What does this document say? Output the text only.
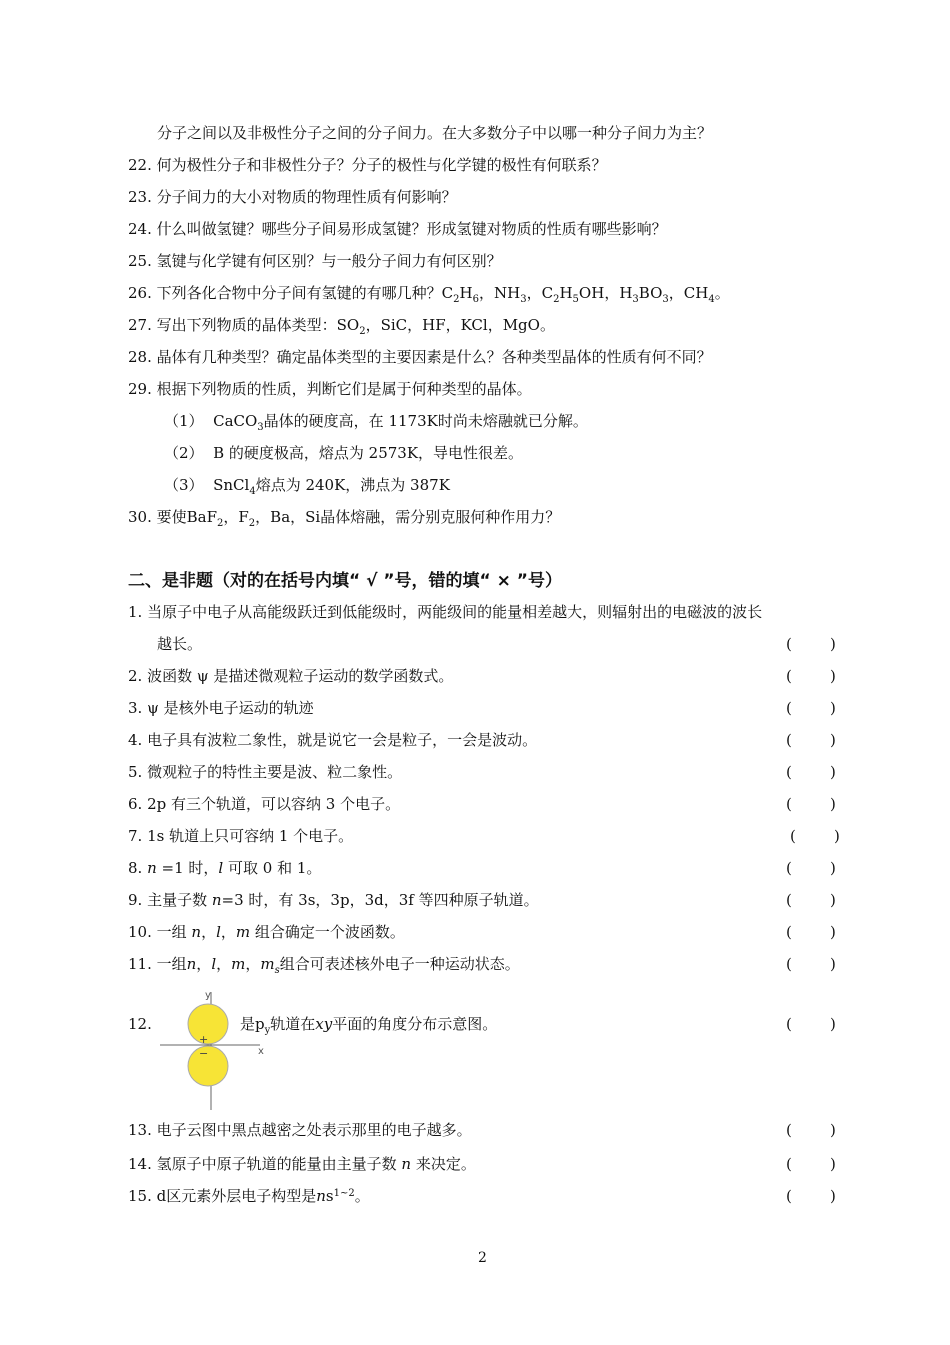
分子之间以及非极性分子之间的分子间力。在大多数分子中以哪一种分子间力为主？
22. 何为极性分子和非极性分子？分子的极性与化学键的极性有何联系？
23. 分子间力的大小对物质的物理性质有何影响？
24. 什么叫做氢键？哪些分子间易形成氢键？形成氢键对物质的性质有哪些影响？
25. 氢键与化学键有何区别？与一般分子间力有何区别？
26. 下列各化合物中分子间有氢键的有哪几种？$C_2H_6$，$NH_3$，$C_2H_5OH$，$H_3BO_3$，$CH_4$。
27. 写出下列物质的晶体类型：$SO_2$，SiC，HF，KCl，MgO。
28. 晶体有几种类型？确定晶体类型的主要因素是什么？各种类型晶体的性质有何不同？
29. 根据下列物质的性质，判断它们是属于何种类型的晶体。
（1） CaCO$_3$晶体的硬度高，在 1173K时尚未熔融就已分解。
（2） B 的硬度极高，熔点为 2573K，导电性很差。
（3） SnCl$_4$熔点为 240K，沸点为 387K
30. 要使BaF$_2$，$F_2$，Ba，Si晶体熔融，需分别克服何种作用力？
二、是非题（对的在括号内填“ √ ”号，错的填“ × ”号）
1. 当原子中电子从高能级跃迁到低能级时，两能级间的能量相差越大，则辐射出的电磁波的波长
越长。
2. 波函数 ψ 是描述微观粒子运动的数学函数式。
3. ψ 是核外电子运动的轨迹
4. 电子具有波粒二象性，就是说它一会是粒子，一会是波动。
5. 微观粒子的特性主要是波、粒二象性。
6. 2p 有三个轨道，可以容纳 3 个电子。
7. 1s 轨道上只可容纳 1 个电子。
8. n =1 时，l 可取 0 和 1。
9. 主量子数 n=3 时，有 3s，3p，3d，3f 等四种原子轨道。
10. 一组 n，l，m 组合确定一个波函数。
11. 一组n，l，m，$m_s$组合可表述核外电子一种运动状态。
12.
y
x
+
−
是$p_y$轨道在xy平面的角度分布示意图。
13. 电子云图中黑点越密之处表示那里的电子越多。
14. 氢原子中原子轨道的能量由主量子数 n 来决定。
15. d区元素外层电子构型是$ns^{1\sim 2}$。
(        )
(        )
(        )
(        )
(        )
(        )
(        )
(        )
(        )
(        )
(        )
(        )
(        )
(        )
(        )
2
